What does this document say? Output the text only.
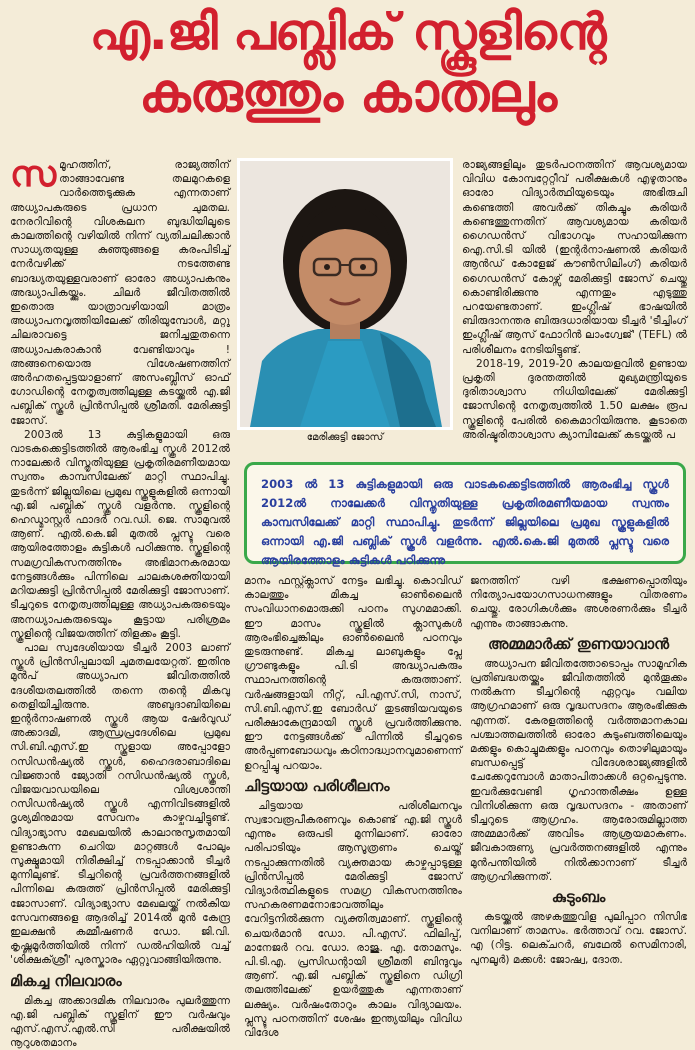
എ.ജി പബ്ലിക് സ്കൂളിന്റെ
കരുത്തും കാതലും

സമൂഹത്തിന്, രാജ്യത്തിന് താങ്ങാവേണ്ട തലമുറകളെ വാർത്തെടുക്കുക എന്നതാണ് അധ്യാപകരുടെ പ്രധാന ചുമതല. നേരറിവിന്റെ വിശകലന ബുദ്ധിയിലൂടെ കാലത്തിന്റെ വഴിയിൽ നിന്ന് വ്യതിചലിക്കാൻ സാധ്യതയുള്ള കുഞ്ഞുങ്ങളെ കരംപിടിച്ച് നേർവഴിക്ക് നടത്തേണ്ട ബാദ്ധ്യതയുള്ളവരാണ് ഓരോ അധ്യാപകനും അദ്ധ്യാപികയ്ക്കും. ചിലർ ജീവിതത്തിൽ ഇതൊരു യാത്രാവഴിയായി മാത്രം അധ്യാപനവൃത്തിയിലേക്ക് തിരിയുമ്പോൾ, മറ്റു ചിലരാവട്ടെ ജനിച്ചതുതന്നെ അധ്യാപകരാകാൻ വേണ്ടിയാവും ! അങ്ങനെയൊരു വിശേഷണത്തിന് അർഹതപ്പെട്ടയാളാണ് അസംബ്ലീസ് ഓഫ് ഗോഡിന്റെ നേതൃത്വത്തിലുള്ള കടയ്ക്കൽ എ.ജി പബ്ലിക് സ്കൂൾ പ്രിൻസിപ്പൽ ശ്രീമതി. മേരിക്കുട്ടി ജോസ്.

2003ൽ 13 കുട്ടികളുമായി ഒരു വാടകക്കെട്ടിടത്തിൽ ആരംഭിച്ച സ്കൂൾ 2012ൽ നാലേക്കർ വിസ്തൃതിയുള്ള പ്രകൃതിരമണീയമായ സ്വന്തം കാമ്പസിലേക്ക് മാറ്റി സ്ഥാപിച്ചു. തുടർന്ന് ജില്ലയിലെ പ്രമുഖ സ്കൂളുകളിൽ ഒന്നായി എ.ജി പബ്ലിക് സ്കൂൾ വളർന്നു. സ്കൂളിന്റെ ഹെഡ്മാസ്റ്റർ ഫാദർ റവ.ഡി. ജെ. സാമുവൽ ആണ്. എൽ.കെ.ജി മുതൽ പ്ലസ്ടു വരെ ആയിരത്തോളം കുട്ടികൾ പഠിക്കുന്നു. സ്കൂളിന്റെ സമഗ്രവികസനത്തിനും അഭിമാനകരമായ നേട്ടങ്ങൾക്കും പിന്നിലെ ചാലകശക്തിയായി മറിയക്കുട്ടി പ്രിൻസിപ്പൽ മേരിക്കുട്ടി ജോസാണ്. ടീച്ചറുടെ നേതൃത്വത്തിലുള്ള അധ്യാപകരുടെയും അനധ്യാപകരുടെയും കൂട്ടായ പരിശ്രമം സ്കൂളിന്റെ വിജയത്തിന് തിളക്കം കൂട്ടി.

പാല സ്വദേശിയായ ടീച്ചർ 2003 ലാണ് സ്കൂൾ പ്രിൻസിപ്പലായി ചുമതലയേറ്റത്. ഇതിനു മുൻപ് അധ്യാപന ജീവിതത്തിൽ ദേശീയതലത്തിൽ തന്നെ തന്റെ മികവു തെളിയിച്ചിരുന്നു. അബുദാബിയിലെ ഇന്റർനാഷണൽ സ്കൂൾ ആയ ഷേർവുഡ് അക്കാദമി, ആന്ധ്രപ്രദേശിലെ പ്രമുഖ സി.ബി.എസ്.ഇ സ്കൂളായ അപ്പോളോ റസിഡൻഷ്യൽ സ്കൂൾ, ഹൈദരാബാദിലെ വിജ്ഞാൻ ജ്യോതി റസിഡൻഷ്യൽ സ്കൂൾ, വിജയവാഡയിലെ വിശ്വശാന്തി റസിഡൻഷ്യൽ സ്കൂൾ എന്നിവിടങ്ങളിൽ ദൃശ്യമിനുമായ സേവനം കാഴ്ചവച്ചിട്ടുണ്ട്. വിദ്യാഭ്യാസ മേഖലയിൽ കാലാനുസൃതമായി ഉണ്ടാകുന്ന ചെറിയ മാറ്റങ്ങൾ പോലും സൂക്ഷ്മമായി നിരീക്ഷിച്ച് നടപ്പാക്കാൻ ടീച്ചർ മുന്നിലുണ്ട്. ടീച്ചറിന്റെ പ്രവർത്തനങ്ങളിൽ പിന്നിലെ കരുത്ത് പ്രിൻസിപ്പൽ മേരിക്കുട്ടി ജോസാണ്. വിദ്യാഭ്യാസ മേഖലയ്ക്ക് നൽകിയ സേവനങ്ങളെ ആദരിച്ച് 2014ൽ മുൻ കേന്ദ്ര ഇലക്ഷൻ കമ്മീഷണർ ഡോ. ജി.വി. കൃഷ്ണമൂർത്തിയിൽ നിന്ന് ഡൽഹിയിൽ വച്ച് 'ശിക്ഷക്ശ്രീ' പുരസ്കാരം ഏറ്റുവാങ്ങിയിരുന്നു.

മികച്ച നിലവാരം

മികച്ച അക്കാദമിക നിലവാരം പുലർത്തുന്ന എ.ജി പബ്ലിക് സ്കൂളിന് ഈ വർഷവും എസ്.എസ്.എൽ.സി പരീക്ഷയിൽ നൂറുശതമാനം

മേരിക്കുട്ടി ജോസ്

രാജ്യങ്ങളിലും തുടർപഠനത്തിന് ആവശ്യമായ വിവിധ കോമ്പറ്റേറ്റീവ് പരീക്ഷകൾ എഴുതാനും ഓരോ വിദ്യാർത്ഥിയുടെയും അഭിരുചി കണ്ടെത്തി അവർക്ക് തികച്ചും കരിയർ കണ്ടെത്തുന്നതിന് ആവശ്യമായ കരിയർ ഗൈഡൻസ് വിഭാഗവും സഹായിക്കുന്ന ഐ.സി.ടി യിൽ (ഇന്റർനാഷണൽ കരിയർ ആൻഡ് കോളേജ് കൗൺസിലിംഗ്) കരിയർ ഗൈഡൻസ് കോഴ്സ് മേരിക്കുട്ടി ജോസ് ചെയ്തു കൊണ്ടിരിക്കുന്നു എന്നതും എടുത്തു പറയേണ്ടതാണ്. ഇംഗ്ലീഷ് ഭാഷയിൽ ബിരുദാനന്തര ബിരുദധാരിയായ ടീച്ചർ 'ടീച്ചിംഗ് ഇംഗ്ലീഷ് ആസ് ഫോറിൻ ലാംഗ്വേജ്' (TEFL) ൽ പരിശീലനം നേടിയിട്ടുണ്ട്.

2018-19, 2019-20 കാലയളവിൽ ഉണ്ടായ പ്രകൃതി ദുരന്തത്തിൽ മുഖ്യമന്ത്രിയുടെ ദുരിതാശ്വാസ നിധിയിലേക്ക് മേരിക്കുട്ടി ജോസിന്റെ നേതൃത്വത്തിൽ 1.50 ലക്ഷം രൂപ സ്കൂളിന്റെ പേരിൽ കൈമാറിയിരുന്നു. കൂടാതെ അരിഷ്ടരിതാശ്വാസ ക്യാമ്പിലേക്ക് കടയ്ക്കൽ പ

2003 ൽ 13 കുട്ടികളുമായി ഒരു വാടകക്കെട്ടിടത്തിൽ ആരംഭിച്ച സ്കൂൾ 2012ൽ നാലേക്കർ വിസ്തൃതിയുള്ള പ്രകൃതിരമണീയമായ സ്വന്തം കാമ്പസിലേക്ക് മാറ്റി സ്ഥാപിച്ചു. തുടർന്ന് ജില്ലയിലെ പ്രമുഖ സ്കൂളുകളിൽ ഒന്നായി എ.ജി പബ്ലിക് സ്കൂൾ വളർന്നു. എൽ.കെ.ജി മുതൽ പ്ലസ്ടു വരെ ആയിരത്തോളം കുട്ടികൾ പഠിക്കുന്നു

മാനം ഫസ്റ്റ്ക്ലാസ് നേട്ടം ലഭിച്ചു. കൊവിഡ് കാലത്തും മികച്ച ഓൺലൈൻ സംവിധാനമൊരുക്കി പഠനം സുഗമമാക്കി. ഈ മാസം സ്കൂളിൽ ക്ലാസുകൾ ആരംഭിച്ചെങ്കിലും ഓൺലൈൻ പഠനവും തുടരുന്നുണ്ട്. മികച്ച ലാബുകളും പ്ലേ ഗ്രൗണ്ടുകളും പി.ടി അദ്ധ്യാപകരും സ്ഥാപനത്തിന്റെ കരുത്താണ്. വർഷങ്ങളായി നീറ്റ്, പി.എസ്.സി, നാസ്, സി.ബി.എസ്.ഇ ബോർഡ് തുടങ്ങിയവയുടെ പരീക്ഷാകേന്ദ്രമായി സ്കൂൾ പ്രവർത്തിക്കുന്നു. ഈ നേട്ടങ്ങൾക്ക് പിന്നിൽ ടീച്ചറുടെ അർപ്പണബോധവും കഠിനാദ്ധ്വാനവുമാണെന്ന് ഉറപ്പിച്ചു പറയാം.

ചിട്ടയായ പരിശീലനം

ചിട്ടയായ പരിശീലനവും സ്വഭാവരൂപീകരണവും കൊണ്ട് എ.ജി സ്കൂൾ എന്നും ഒരുപടി മുന്നിലാണ്. ഓരോ പരിപാടിയും ആസൂത്രണം ചെയ്ത് നടപ്പാക്കുന്നതിൽ വ്യക്തമായ കാഴ്ചപ്പാടുള്ള പ്രിൻസിപ്പൽ മേരിക്കുട്ടി ജോസ് വിദ്യാർത്ഥികളുടെ സമഗ്ര വികസനത്തിനും സഹകരണമനോഭാവത്തിലും വേറിട്ടനിൽക്കുന്ന വ്യക്തിത്വമാണ്. സ്കൂളിന്റെ ചെയർമാൻ ഡോ. പി.എസ്. ഫിലിപ്പ്, മാനേജർ റവ. ഡോ. രാജു. എ. തോമസും. പി.ടി.എ. പ്രസിഡന്റായി ശ്രീമതി ബിന്ദുവും ആണ്. എ.ജി പബ്ലിക് സ്കൂളിനെ ഡിഗ്രി തലത്തിലേക്ക് ഉയർത്തുക എന്നതാണ് ലക്ഷ്യം. വർഷംതോറും കാലം വിദ്യാലയം. പ്ലസ്ടു പഠനത്തിന് ശേഷം ഇന്ത്യയിലും വിവിധ വിദേശ

ജനത്തിന് വഴി ഭക്ഷണപ്പൊതിയും നിത്യോപയോഗസാധനങ്ങളും വിതരണം ചെയ്തു. രോഗികൾക്കും അശരണർക്കും ടീച്ചർ എന്നും താങ്ങാകുന്നു.

അമ്മമാർക്ക് തുണയാവാൻ

അധ്യാപന ജീവിതത്തോടൊപ്പം സാമൂഹിക പ്രതിബദ്ധതയ്ക്കും ജീവിതത്തിൽ മുൻതൂക്കം നൽകുന്ന ടീച്ചറിന്റെ ഏറ്റവും വലിയ ആഗ്രഹമാണ് ഒരു വൃദ്ധസദനം ആരംഭിക്കുക എന്നത്. കേരളത്തിന്റെ വർത്തമാനകാല പശ്ചാത്തലത്തിൽ ഓരോ കുടുംബത്തിലെയും മക്കളും കൊച്ചുമക്കളും പഠനവും തൊഴിലുമായും ബന്ധപ്പെട്ട് വിദേശരാജ്യങ്ങളിൽ ചേക്കേറുമ്പോൾ മാതാപിതാക്കൾ ഒറ്റപ്പെടുന്നു. ഇവർക്കുവേണ്ടി ഗൃഹാന്തരീക്ഷം ഉള്ള വിനിശിക്കുന്ന ഒരു വൃദ്ധസദനം - അതാണ് ടീച്ചറുടെ ആഗ്രഹം. ആരോരുമില്ലാത്ത അമ്മമാർക്ക് അവിടം ആശ്രയമാകണം. ജീവകാരുണ്യ പ്രവർത്തനങ്ങളിൽ എന്നും മുൻപന്തിയിൽ നിൽക്കാനാണ് ടീച്ചർ ആഗ്രഹിക്കുന്നത്.

കുടുംബം

കടയ്ക്കൽ അഴകത്തുവിള പുലിപ്പാറ നിസിഭ വനിലാണ് താമസം. ഭർത്താവ് റവ. ജോസ്. എ (റിട്ട. ലെക്ചറർ, ബഥേൽ സെമിനാരി, പുനലൂർ) മക്കൾ: ജോഷ്വ, ദോത.
